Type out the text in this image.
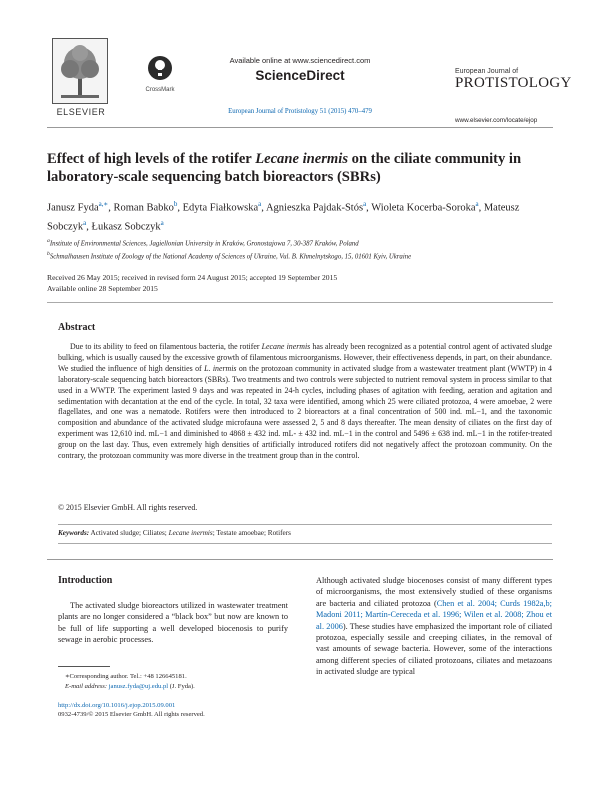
ELSEVIER
CrossMark
Available online at www.sciencedirect.com
ScienceDirect
European Journal of Protistology 51 (2015) 470–479
European Journal of
PROTISTOLOGY
www.elsevier.com/locate/ejop
Effect of high levels of the rotifer Lecane inermis on the ciliate community in laboratory-scale sequencing batch bioreactors (SBRs)
Janusz Fyda$^{a,∗}$, Roman Babko$^b$, Edyta Fiałkowska$^a$, Agnieszka Pajdak-Stós$^a$, Wioleta Kocerba-Soroka$^a$, Mateusz Sobczyk$^a$, Łukasz Sobczyk$^a$
$^a$Institute of Environmental Sciences, Jagiellonian University in Kraków, Gronostajowa 7, 30-387 Kraków, Poland
$^b$Schmalhausen Institute of Zoology of the National Academy of Sciences of Ukraine, Vul. B. Khmelnytskogo, 15, 01601 Kyiv, Ukraine
Received 26 May 2015; received in revised form 24 August 2015; accepted 19 September 2015
Available online 28 September 2015
Abstract
Due to its ability to feed on filamentous bacteria, the rotifer Lecane inermis has already been recognized as a potential control agent of activated sludge bulking, which is usually caused by the excessive growth of filamentous microorganisms. However, their effectiveness depends, in part, on their abundance. We studied the influence of high densities of L. inermis on the protozoan community in activated sludge from a wastewater treatment plant (WWTP) in 4 laboratory-scale sequencing batch bioreactors (SBRs). Two treatments and two controls were subjected to nutrient removal system in process similar to that used in a WWTP. The experiment lasted 9 days and was repeated in 24-h cycles, including phases of agitation with feeding, aeration and agitation and sedimentation with decantation at the end of the cycle. In total, 32 taxa were identified, among which 25 were ciliated protozoa, 4 were amoebae, 2 were flagellates, and one was a nematode. Rotifers were then introduced to 2 bioreactors at a final concentration of 500 ind. mL−1, and the taxonomic composition and abundance of the activated sludge microfauna were assessed 2, 5 and 8 days thereafter. The mean density of ciliates on the first day of experiment was 12,610 ind. mL−1 and diminished to 4868 ± 432 ind. mL- ± 432 ind. mL−1 in the control and 5496 ± 638 ind. mL−1 in the rotifer-treated group on the last day. Thus, even extremely high densities of artificially introduced rotifers did not negatively affect the protozoan community. On the contrary, the protozoan community was more diverse in the treatment group than in the control.
© 2015 Elsevier GmbH. All rights reserved.
Keywords: Activated sludge; Ciliates; Lecane inermis; Testate amoebae; Rotifers
Introduction
The activated sludge bioreactors utilized in wastewater treatment plants are no longer considered a “black box” but now are known to be full of life supporting a well developed biocenosis to purify sewage in aerobic processes.
Although activated sludge biocenoses consist of many different types of microorganisms, the most extensively studied of these organisms are bacteria and ciliated protozoa (Chen et al. 2004; Curds 1982a,b; Madoni 2011; Martín-Cereceda et al. 1996; Wilen et al. 2008; Zhou et al. 2006). These studies have emphasized the important role of ciliated protozoa, especially sessile and creeping ciliates, in the removal of vast amounts of sewage bacteria. However, some of the interactions among different species of ciliated protozoans, ciliates and metazoans in activated sludge are typical
∗Corresponding author. Tel.: +48 126645181.
E-mail address: janusz.fyda@uj.edu.pl (J. Fyda).
http://dx.doi.org/10.1016/j.ejop.2015.09.001
0932-4739/© 2015 Elsevier GmbH. All rights reserved.
